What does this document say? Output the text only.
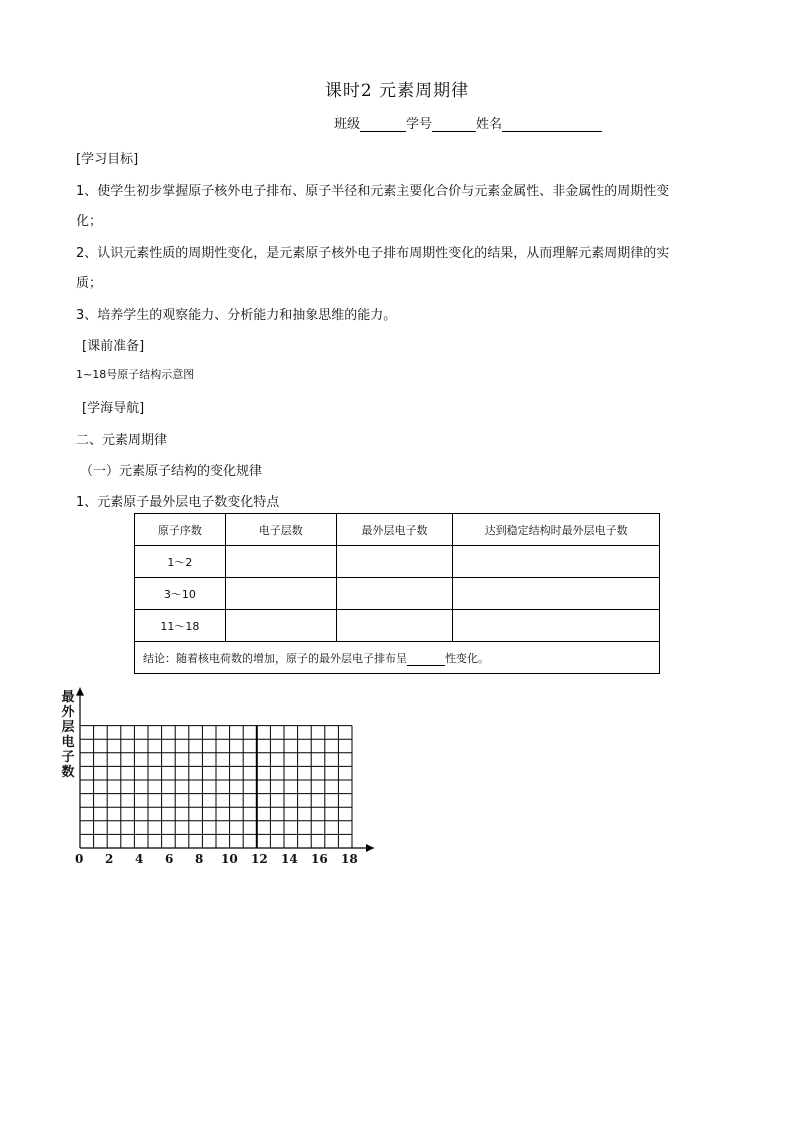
课时2 元素周期律
班级	学号	姓名
[学习目标]
1、使学生初步掌握原子核外电子排布、原子半径和元素主要化合价与元素金属性、非金属性的周期性变
化；
2、认识元素性质的周期性变化，是元素原子核外电子排布周期性变化的结果，从而理解元素周期律的实
质；
3、培养学生的观察能力、分析能力和抽象思维的能力。
[课前准备]
1~18号原子结构示意图
[学海导航]
二、元素周期律
（一）元素原子结构的变化规律
1、元素原子最外层电子数变化特点
原子序数	电子层数	最外层电子数	达到稳定结构时最外层电子数
1～2			
3～10			
11～18			
结论：随着核电荷数的增加，原子的最外层电子排布呈 性变化。			
最外层电子数
0 2 4 6 8 10 12 14 16 18
